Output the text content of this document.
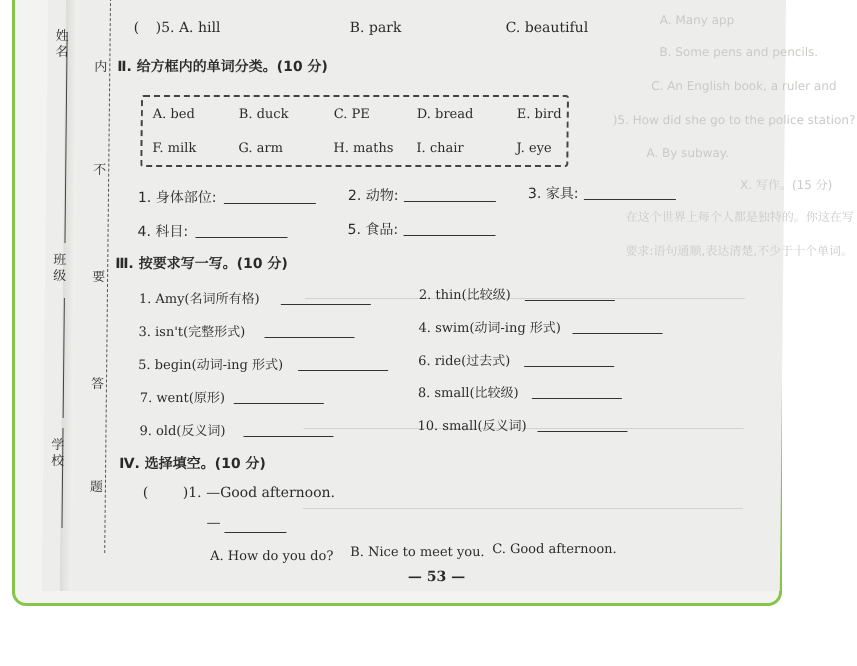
A. Many app
B. Some pens and pencils.
C. An English book, a ruler and
)5. How did she go to the police station?
A. By subway.
X. 写作。(15 分)
在这个世界上每个人都是独特的。你这在写
要求:语句通顺,表达清楚,不少于十个单词。
姓名
班级
学校
内
不
要
答
题
( )5. A. hill	B. park	C. beautiful
Ⅱ. 给方框内的单词分类。(10 分)
A. bed	B. duck	C. PE	D. bread	E. bird
F. milk	G. arm	H. maths I. chair	J. eye
1. 身体部位:	2. 动物:	3. 家具:
4. 科目:	5. 食品:
Ⅲ. 按要求写一写。(10 分)
1. Amy(名词所有格)	2. thin(比较级)
3. isn't(完整形式)	4. swim(动词-ing 形式)
5. begin(动词-ing 形式)	6. ride(过去式)
7. went(原形)	8. small(比较级)
9. old(反义词)	10. small(反义词)
Ⅳ. 选择填空。(10 分)
( )1. —Good afternoon.
—
A. How do you do? B. Nice to meet you. C. Good afternoon.
— 53 —
